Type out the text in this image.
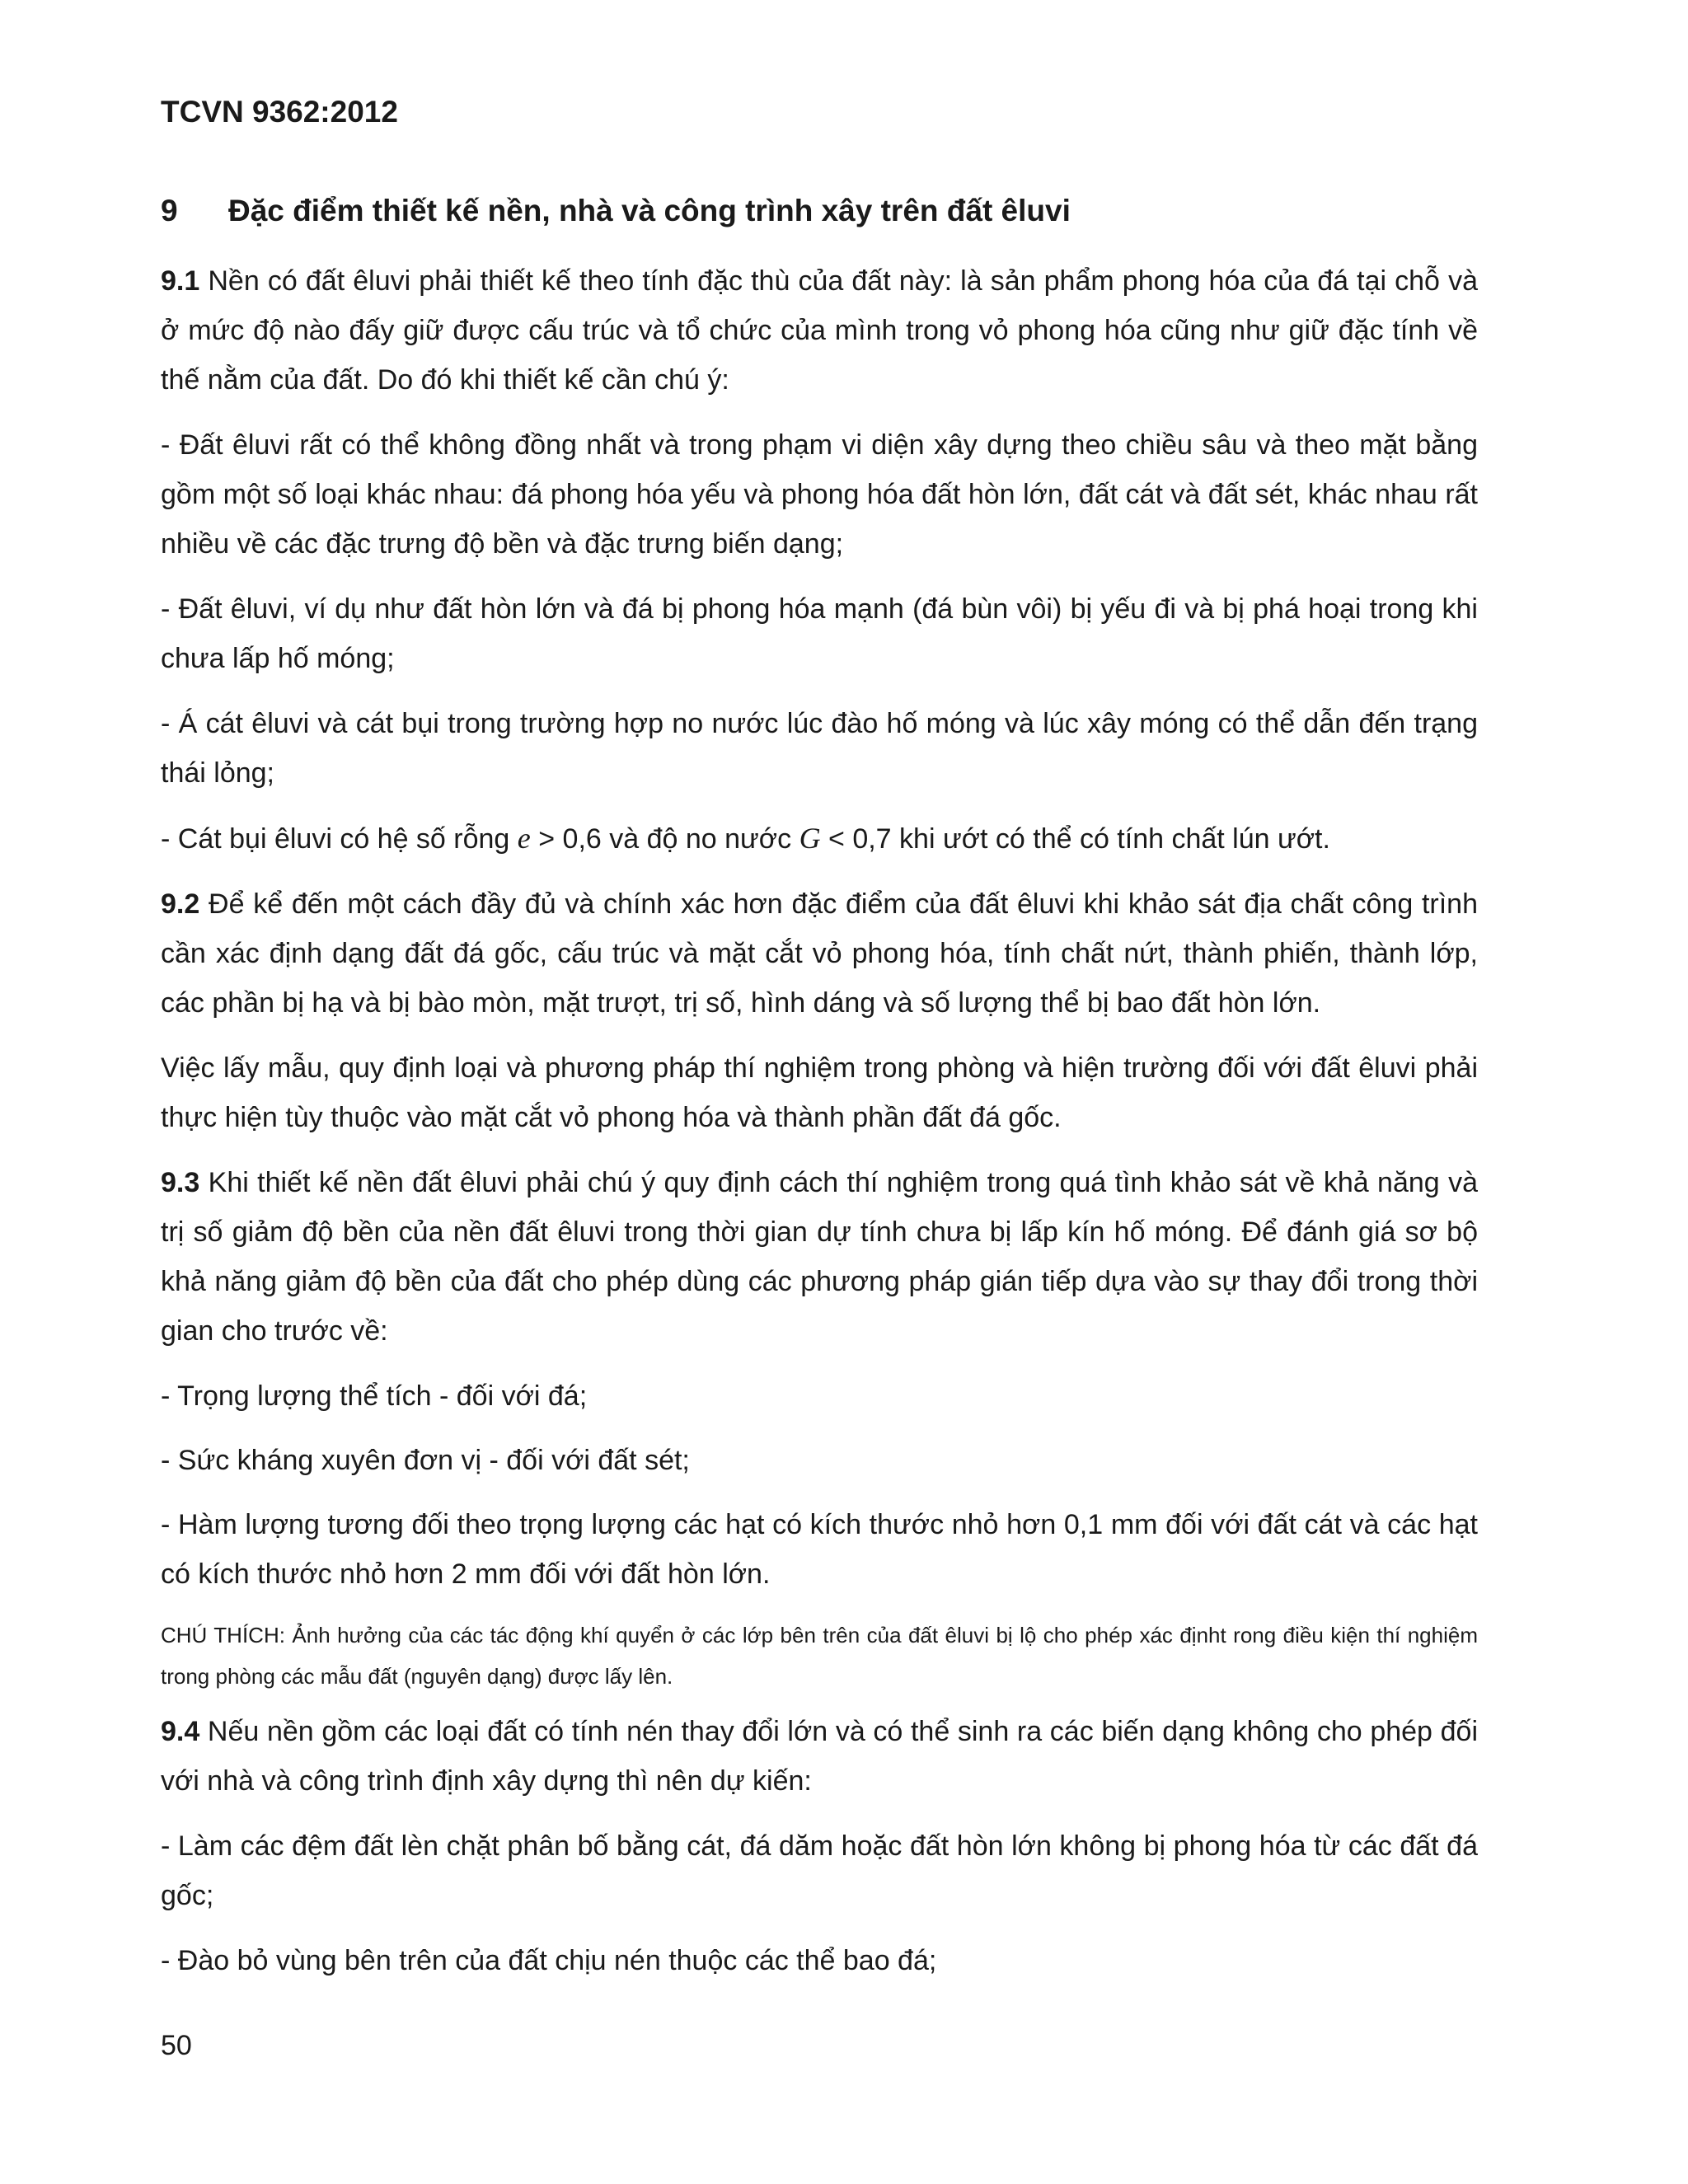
TCVN 9362:2012
9 Đặc điểm thiết kế nền, nhà và công trình xây trên đất êluvi

9.1 Nền có đất êluvi phải thiết kế theo tính đặc thù của đất này: là sản phẩm phong hóa của đá tại chỗ và ở mức độ nào đấy giữ được cấu trúc và tổ chức của mình trong vỏ phong hóa cũng như giữ đặc tính về thế nằm của đất. Do đó khi thiết kế cần chú ý:

- Đất êluvi rất có thể không đồng nhất và trong phạm vi diện xây dựng theo chiều sâu và theo mặt bằng gồm một số loại khác nhau: đá phong hóa yếu và phong hóa đất hòn lớn, đất cát và đất sét, khác nhau rất nhiều về các đặc trưng độ bền và đặc trưng biến dạng;

- Đất êluvi, ví dụ như đất hòn lớn và đá bị phong hóa mạnh (đá bùn vôi) bị yếu đi và bị phá hoại trong khi chưa lấp hố móng;

- Á cát êluvi và cát bụi trong trường hợp no nước lúc đào hố móng và lúc xây móng có thể dẫn đến trạng thái lỏng;

- Cát bụi êluvi có hệ số rỗng e > 0,6 và độ no nước G < 0,7 khi ướt có thể có tính chất lún ướt.

9.2 Để kể đến một cách đầy đủ và chính xác hơn đặc điểm của đất êluvi khi khảo sát địa chất công trình cần xác định dạng đất đá gốc, cấu trúc và mặt cắt vỏ phong hóa, tính chất nứt, thành phiến, thành lớp, các phần bị hạ và bị bào mòn, mặt trượt, trị số, hình dáng và số lượng thể bị bao đất hòn lớn.

Việc lấy mẫu, quy định loại và phương pháp thí nghiệm trong phòng và hiện trường đối với đất êluvi phải thực hiện tùy thuộc vào mặt cắt vỏ phong hóa và thành phần đất đá gốc.

9.3 Khi thiết kế nền đất êluvi phải chú ý quy định cách thí nghiệm trong quá tình khảo sát về khả năng và trị số giảm độ bền của nền đất êluvi trong thời gian dự tính chưa bị lấp kín hố móng. Để đánh giá sơ bộ khả năng giảm độ bền của đất cho phép dùng các phương pháp gián tiếp dựa vào sự thay đổi trong thời gian cho trước về:

- Trọng lượng thể tích - đối với đá;

- Sức kháng xuyên đơn vị - đối với đất sét;

- Hàm lượng tương đối theo trọng lượng các hạt có kích thước nhỏ hơn 0,1 mm đối với đất cát và các hạt có kích thước nhỏ hơn 2 mm đối với đất hòn lớn.

CHÚ THÍCH: Ảnh hưởng của các tác động khí quyển ở các lớp bên trên của đất êluvi bị lộ cho phép xác địnht rong điều kiện thí nghiệm trong phòng các mẫu đất (nguyên dạng) được lấy lên.

9.4 Nếu nền gồm các loại đất có tính nén thay đổi lớn và có thể sinh ra các biến dạng không cho phép đối với nhà và công trình định xây dựng thì nên dự kiến:

- Làm các đệm đất lèn chặt phân bố bằng cát, đá dăm hoặc đất hòn lớn không bị phong hóa từ các đất đá gốc;

- Đào bỏ vùng bên trên của đất chịu nén thuộc các thể bao đá;

50
